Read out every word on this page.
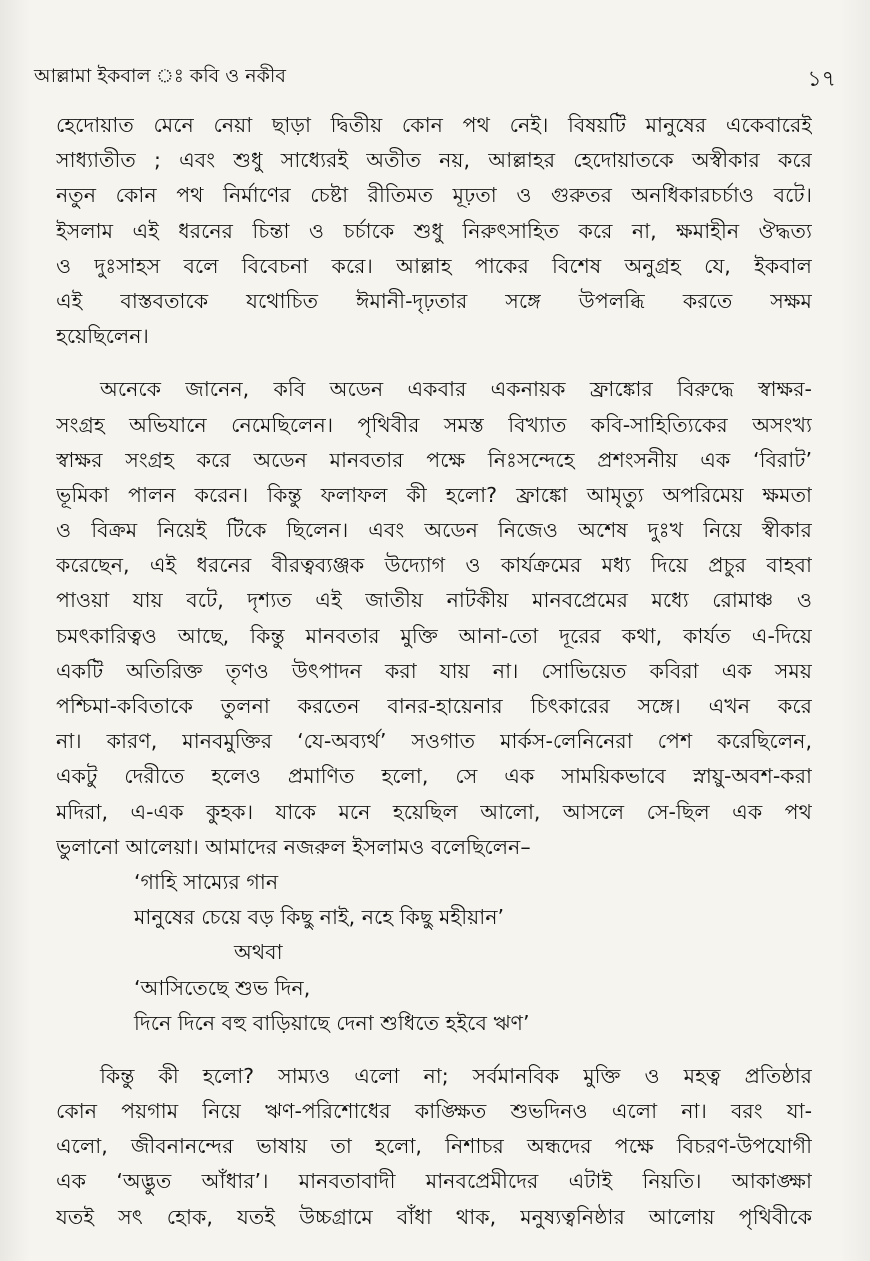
আল্লামা ইকবাল ঃ কবি ও নকীব	১৭
হেদোয়াত মেনে নেয়া ছাড়া দ্বিতীয় কোন পথ নেই। বিষয়টি মানুষের একেবারেই
সাধ্যাতীত ; এবং শুধু সাধ্যেরই অতীত নয়, আল্লাহর হেদোয়াতকে অস্বীকার করে
নতুন কোন পথ নির্মাণের চেষ্টা রীতিমত মূঢ়তা ও গুরুতর অনধিকারচর্চাও বটে।
ইসলাম এই ধরনের চিন্তা ও চর্চাকে শুধু নিরুৎসাহিত করে না, ক্ষমাহীন ঔদ্ধত্য
ও দুঃসাহস বলে বিবেচনা করে। আল্লাহ পাকের বিশেষ অনুগ্রহ যে, ইকবাল
এই বাস্তবতাকে যথোচিত ঈমানী-দৃঢ়তার সঙ্গে উপলব্ধি করতে সক্ষম
হয়েছিলেন।
অনেকে জানেন, কবি অডেন একবার একনায়ক ফ্রাঙ্কোর বিরুদ্ধে স্বাক্ষর-
সংগ্রহ অভিযানে নেমেছিলেন। পৃথিবীর সমস্ত বিখ্যাত কবি-সাহিত্যিকের অসংখ্য
স্বাক্ষর সংগ্রহ করে অডেন মানবতার পক্ষে নিঃসন্দেহে প্রশংসনীয় এক ‘বিরাট’
ভূমিকা পালন করেন। কিন্তু ফলাফল কী হলো? ফ্রাঙ্কো আমৃত্যু অপরিমেয় ক্ষমতা
ও বিক্রম নিয়েই টিকে ছিলেন। এবং অডেন নিজেও অশেষ দুঃখ নিয়ে স্বীকার
করেছেন, এই ধরনের বীরত্বব্যঞ্জক উদ্যোগ ও কার্যক্রমের মধ্য দিয়ে প্রচুর বাহবা
পাওয়া যায় বটে, দৃশ্যত এই জাতীয় নাটকীয় মানবপ্রেমের মধ্যে রোমাঞ্চ ও
চমৎকারিত্বও আছে, কিন্তু মানবতার মুক্তি আনা-তো দূরের কথা, কার্যত এ-দিয়ে
একটি অতিরিক্ত তৃণও উৎপাদন করা যায় না। সোভিয়েত কবিরা এক সময়
পশ্চিমা-কবিতাকে তুলনা করতেন বানর-হায়েনার চিৎকারের সঙ্গে। এখন করে
না। কারণ, মানবমুক্তির ‘যে-অব্যর্থ’ সওগাত মার্কস-লেনিনেরা পেশ করেছিলেন,
একটু দেরীতে হলেও প্রমাণিত হলো, সে এক সাময়িকভাবে স্নায়ু-অবশ-করা
মদিরা, এ-এক কুহক। যাকে মনে হয়েছিল আলো, আসলে সে-ছিল এক পথ
ভুলানো আলেয়া। আমাদের নজরুল ইসলামও বলেছিলেন–
‘গাহি সাম্যের গান
মানুষের চেয়ে বড় কিছু নাই, নহে কিছু মহীয়ান’
অথবা
‘আসিতেছে শুভ দিন,
দিনে দিনে বহু বাড়িয়াছে দেনা শুধিতে হইবে ঋণ’
কিন্তু কী হলো? সাম্যও এলো না; সর্বমানবিক মুক্তি ও মহত্ব প্রতিষ্ঠার
কোন পয়গাম নিয়ে ঋণ-পরিশোধের কাঙ্ক্ষিত শুভদিনও এলো না। বরং যা-
এলো, জীবনানন্দের ভাষায় তা হলো, নিশাচর অন্ধদের পক্ষে বিচরণ-উপযোগী
এক ‘অদ্ভুত আঁধার’। মানবতাবাদী মানবপ্রেমীদের এটাই নিয়তি। আকাঙ্ক্ষা
যতই সৎ হোক, যতই উচ্চগ্রামে বাঁধা থাক, মনুষ্যত্বনিষ্ঠার আলোয় পৃথিবীকে
